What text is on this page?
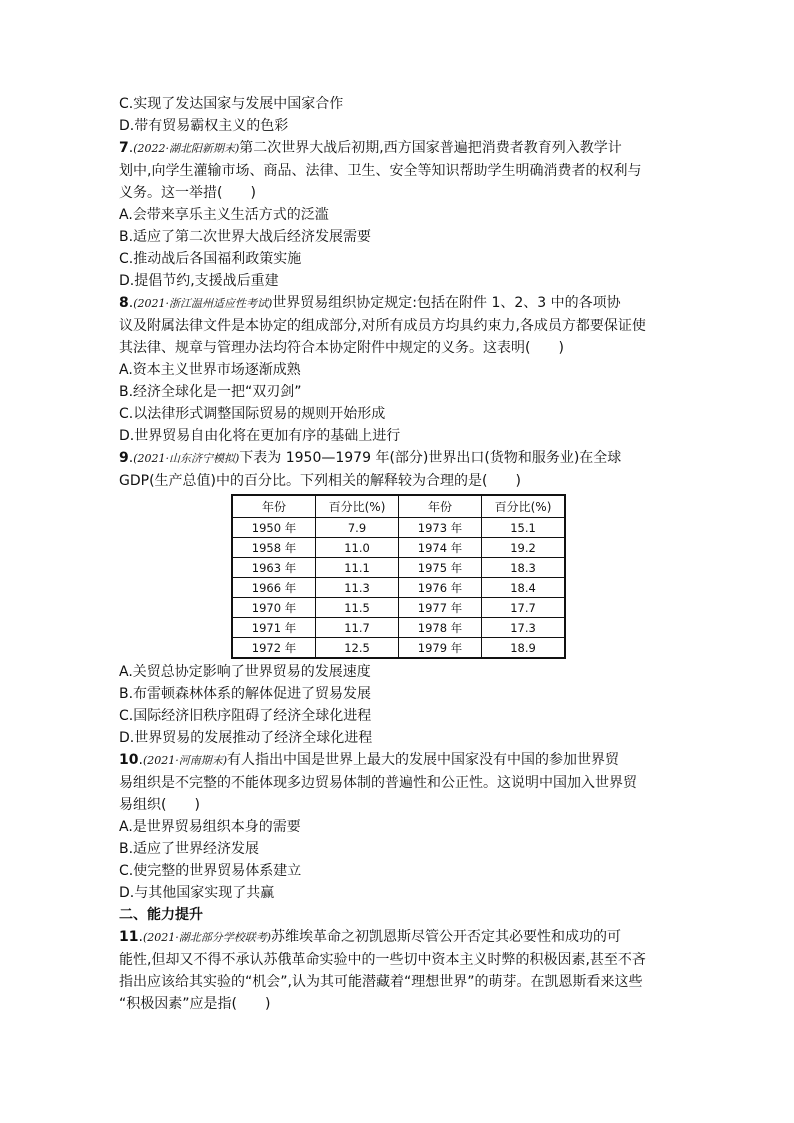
C.实现了发达国家与发展中国家合作
D.带有贸易霸权主义的色彩
7.(2022·湖北阳新期末)第二次世界大战后初期,西方国家普遍把消费者教育列入教学计
划中,向学生灌输市场、商品、法律、卫生、安全等知识帮助学生明确消费者的权利与
义务。这一举措(　　)
A.会带来享乐主义生活方式的泛滥
B.适应了第二次世界大战后经济发展需要
C.推动战后各国福利政策实施
D.提倡节约,支援战后重建
8.(2021·浙江温州适应性考试)世界贸易组织协定规定:包括在附件 1、2、3 中的各项协
议及附属法律文件是本协定的组成部分,对所有成员方均具约束力,各成员方都要保证使
其法律、规章与管理办法均符合本协定附件中规定的义务。这表明(　　)
A.资本主义世界市场逐渐成熟
B.经济全球化是一把“双刃剑”
C.以法律形式调整国际贸易的规则开始形成
D.世界贸易自由化将在更加有序的基础上进行
9.(2021·山东济宁模拟)下表为 1950—1979 年(部分)世界出口(货物和服务业)在全球
GDP(生产总值)中的百分比。下列相关的解释较为合理的是(　　)
年份	百分比(%)	年份	百分比(%)
1950 年	7.9	1973 年	15.1
1958 年	11.0	1974 年	19.2
1963 年	11.1	1975 年	18.3
1966 年	11.3	1976 年	18.4
1970 年	11.5	1977 年	17.7
1971 年	11.7	1978 年	17.3
1972 年	12.5	1979 年	18.9
A.关贸总协定影响了世界贸易的发展速度
B.布雷顿森林体系的解体促进了贸易发展
C.国际经济旧秩序阻碍了经济全球化进程
D.世界贸易的发展推动了经济全球化进程
10.(2021·河南期末)有人指出中国是世界上最大的发展中国家没有中国的参加世界贸
易组织是不完整的不能体现多边贸易体制的普遍性和公正性。这说明中国加入世界贸
易组织(　　)
A.是世界贸易组织本身的需要
B.适应了世界经济发展
C.使完整的世界贸易体系建立
D.与其他国家实现了共赢
二、能力提升
11.(2021·湖北部分学校联考)苏维埃革命之初凯恩斯尽管公开否定其必要性和成功的可
能性,但却又不得不承认苏俄革命实验中的一些切中资本主义时弊的积极因素,甚至不吝
指出应该给其实验的“机会”,认为其可能潜藏着“理想世界”的萌芽。在凯恩斯看来这些
“积极因素”应是指(　　)
